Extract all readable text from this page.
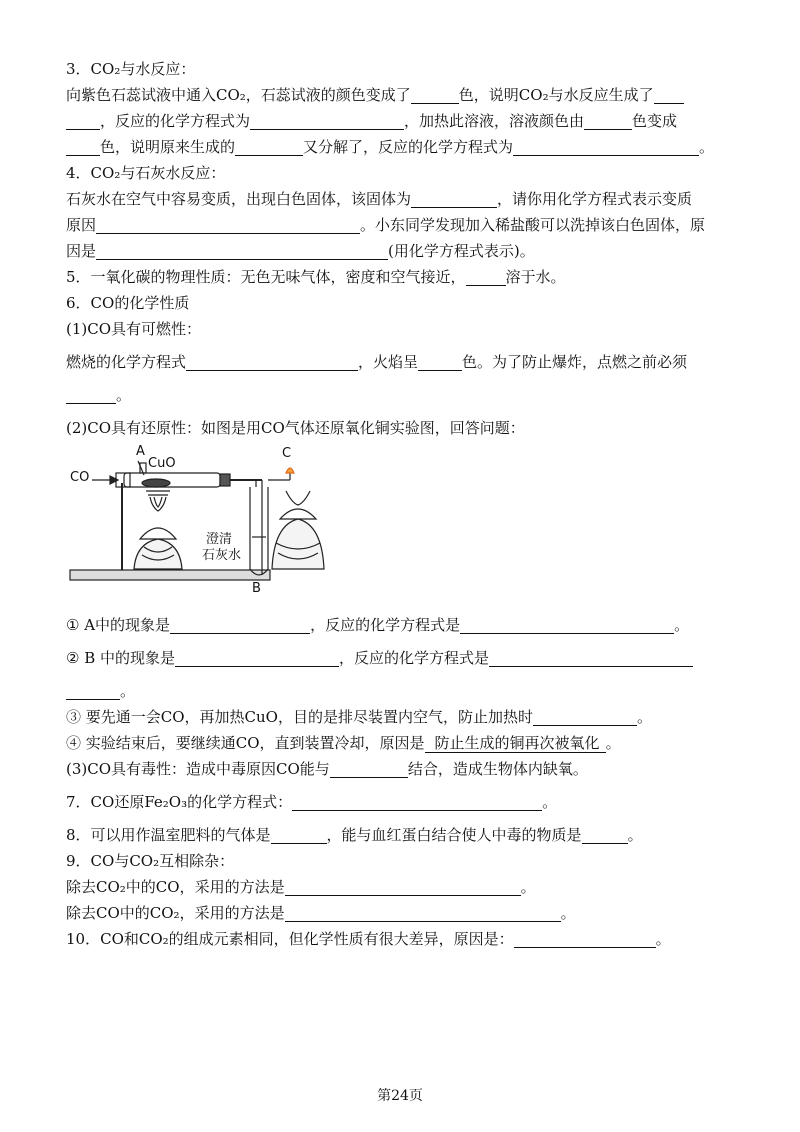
3．CO₂与水反应：

向紫色石蕊试液中通入CO₂，石蕊试液的颜色变成了	色，说明CO₂与水反应生成了

，反应的化学方程式为	，加热此溶液，溶液颜色由	色变成

色，说明原来生成的	又分解了，反应的化学方程式为	。

4．CO₂与石灰水反应：

石灰水在空气中容易变质，出现白色固体，该固体为	，请你用化学方程式表示变质

原因	。小东同学发现加入稀盐酸可以洗掉该白色固体，原

因是	(用化学方程式表示)。

5．一氧化碳的物理性质：无色无味气体，密度和空气接近，	溶于水。

6．CO的化学性质

(1)CO具有可燃性：

燃烧的化学方程式	，火焰呈	色。为了防止爆炸，点燃之前必须

。

(2)CO具有还原性：如图是用CO气体还原氧化铜实验图，回答问题：

CO
A
CuO
C
澄清
石灰水
B

① A中的现象是	，反应的化学方程式是	。

② B 中的现象是	，反应的化学方程式是

。

③ 要先通一会CO，再加热CuO，目的是排尽装置内空气，防止加热时	。

④ 实验结束后，要继续通CO，直到装置冷却，原因是 防止生成的铜再次被氧化 。

(3)CO具有毒性：造成中毒原因CO能与	结合，造成生物体内缺氧。

7．CO还原Fe₂O₃的化学方程式：	。

8．可以用作温室肥料的气体是	，能与血红蛋白结合使人中毒的物质是	。

9．CO与CO₂互相除杂：

除去CO₂中的CO，采用的方法是	。

除去CO中的CO₂，采用的方法是	。

10．CO和CO₂的组成元素相同，但化学性质有很大差异，原因是：	。

第24页
